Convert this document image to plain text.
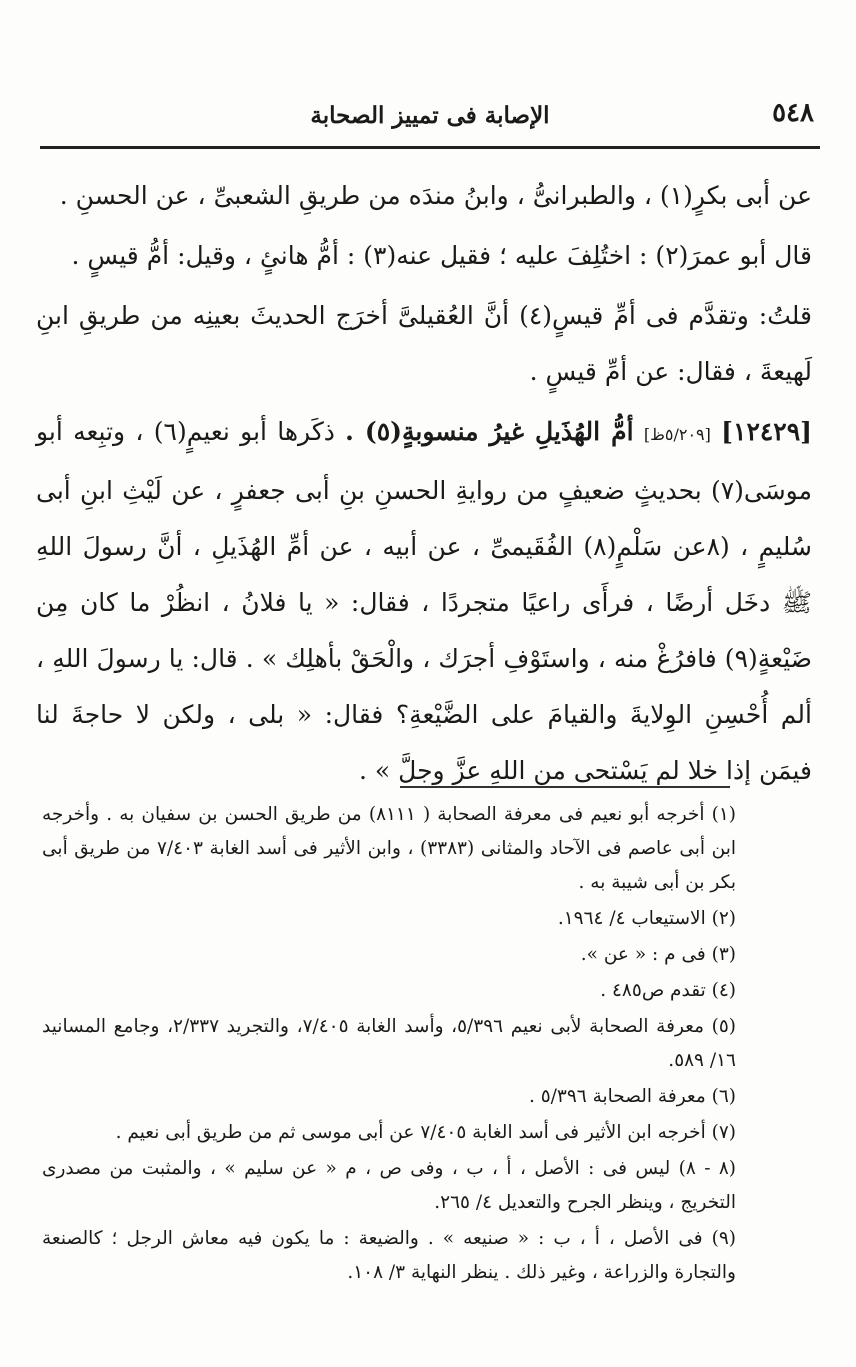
٥٤٨
الإصابة فى تمييز الصحابة

عن أبى بكرٍ(١) ، والطبرانىُّ ، وابنُ مندَه من طريقِ الشعبىِّ ، عن الحسنِ .

قال أبو عمرَ(٢) : اختُلِفَ عليه ؛ فقيل عنه(٣) : أمُّ هانئٍ ، وقيل: أمُّ قيسٍ .

قلتُ: وتقدَّم فى أمِّ قيسٍ(٤) أنَّ العُقيلىَّ أخرَج الحديثَ بعينِه من طريقِ ابنِ لَهيعةَ ، فقال: عن أمِّ قيسٍ .

[١٢٤٢٩] [٥/٢٠٩ظ] أمُّ الهُذَيلِ غيرُ منسوبةٍ(٥) . ذكَرها أبو نعيمٍ(٦) ، وتبِعه أبو موسَى(٧) بحديثٍ ضعيفٍ من روايةِ الحسنِ بنِ أبى جعفرٍ ، عن لَيْثِ ابنِ أبى سُليمٍ ، (٨عن سَلْمٍ(٨) الفُقَيمىِّ ، عن أبيه ، عن أمِّ الهُذَيلِ ، أنَّ رسولَ اللهِ ﷺ دخَل أرضًا ، فرأَى راعيًا متجردًا ، فقال: « يا فلانُ ، انظُرْ ما كان مِن ضَيْعةٍ(٩) فافرُغْ منه ، واستَوْفِ أجرَك ، والْحَقْ بأهلِك » . قال: يا رسولَ اللهِ ، ألم أُحْسِنِ الوِلايةَ والقيامَ على الضَّيْعةِ؟ فقال: « بلى ، ولكن لا حاجةَ لنا فيمَن إذا خلا لم يَسْتحى من اللهِ عزَّ وجلَّ » .

(١) أخرجه أبو نعيم فى معرفة الصحابة ( ٨١١١) من طريق الحسن بن سفيان به . وأخرجه ابن أبى عاصم فى الآحاد والمثانى (٣٣٨٣) ، وابن الأثير فى أسد الغابة ٧/٤٠٣ من طريق أبى بكر بن أبى شيبة به .

(٢) الاستيعاب ٤/ ١٩٦٤.

(٣) فى م : « عن ».

(٤) تقدم ص٤٨٥ .

(٥) معرفة الصحابة لأبى نعيم ٥/٣٩٦، وأسد الغابة ٧/٤٠٥، والتجريد ٢/٣٣٧، وجامع المسانيد ١٦/ ٥٨٩.

(٦) معرفة الصحابة ٥/٣٩٦ .

(٧) أخرجه ابن الأثير فى أسد الغابة ٧/٤٠٥ عن أبى موسى ثم من طريق أبى نعيم .

(٨ - ٨) ليس فى : الأصل ، أ ، ب ، وفى ص ، م « عن سليم » ، والمثبت من مصدرى التخريج ، وينظر الجرح والتعديل ٤/ ٢٦٥.

(٩) فى الأصل ، أ ، ب : « صنيعه » . والضيعة : ما يكون فيه معاش الرجل ؛ كالصنعة والتجارة والزراعة ، وغير ذلك . ينظر النهاية ٣/ ١٠٨.
